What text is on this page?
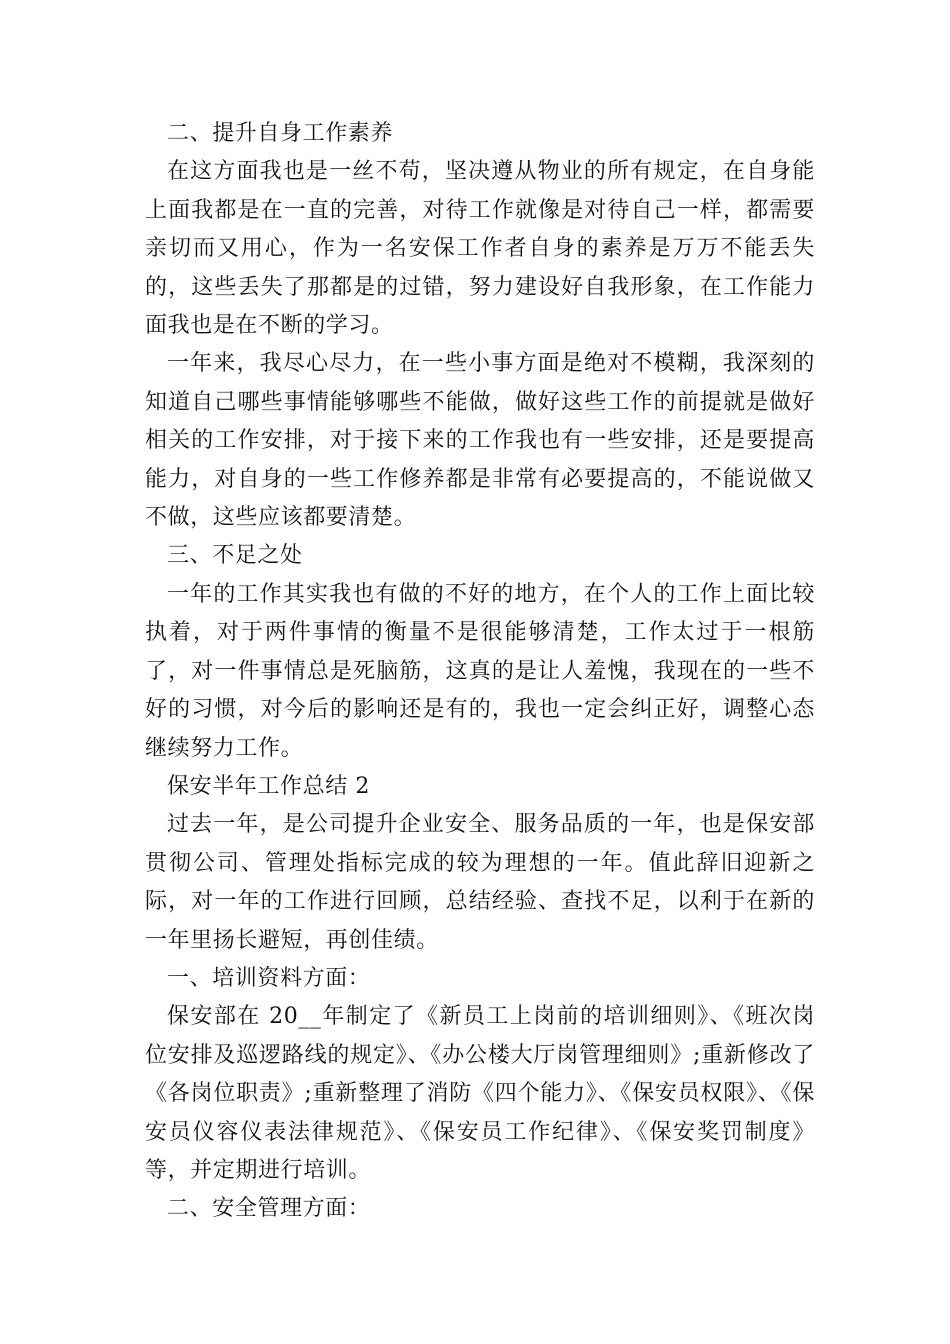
二、提升自身工作素养

在这方面我也是一丝不苟，坚决遵从物业的所有规定，在自身能上面我都是在一直的完善，对待工作就像是对待自己一样，都需要亲切而又用心，作为一名安保工作者自身的素养是万万不能丢失的，这些丢失了那都是的过错，努力建设好自我形象，在工作能力面我也是在不断的学习。

一年来，我尽心尽力，在一些小事方面是绝对不模糊，我深刻的知道自己哪些事情能够哪些不能做，做好这些工作的前提就是做好相关的工作安排，对于接下来的工作我也有一些安排，还是要提高能力，对自身的一些工作修养都是非常有必要提高的，不能说做又不做，这些应该都要清楚。

三、不足之处

一年的工作其实我也有做的不好的地方，在个人的工作上面比较执着，对于两件事情的衡量不是很能够清楚，工作太过于一根筋了，对一件事情总是死脑筋，这真的是让人羞愧，我现在的一些不好的习惯，对今后的影响还是有的，我也一定会纠正好，调整心态继续努力工作。

保安半年工作总结 2

过去一年，是公司提升企业安全、服务品质的一年，也是保安部贯彻公司、管理处指标完成的较为理想的一年。值此辞旧迎新之际，对一年的工作进行回顾，总结经验、查找不足，以利于在新的一年里扬长避短，再创佳绩。

一、培训资料方面：

保安部在 20__年制定了《新员工上岗前的培训细则》、《班次岗位安排及巡逻路线的规定》、《办公楼大厅岗管理细则》;重新修改了《各岗位职责》;重新整理了消防《四个能力》、《保安员权限》、《保安员仪容仪表法律规范》、《保安员工作纪律》、《保安奖罚制度》等，并定期进行培训。

二、安全管理方面：
